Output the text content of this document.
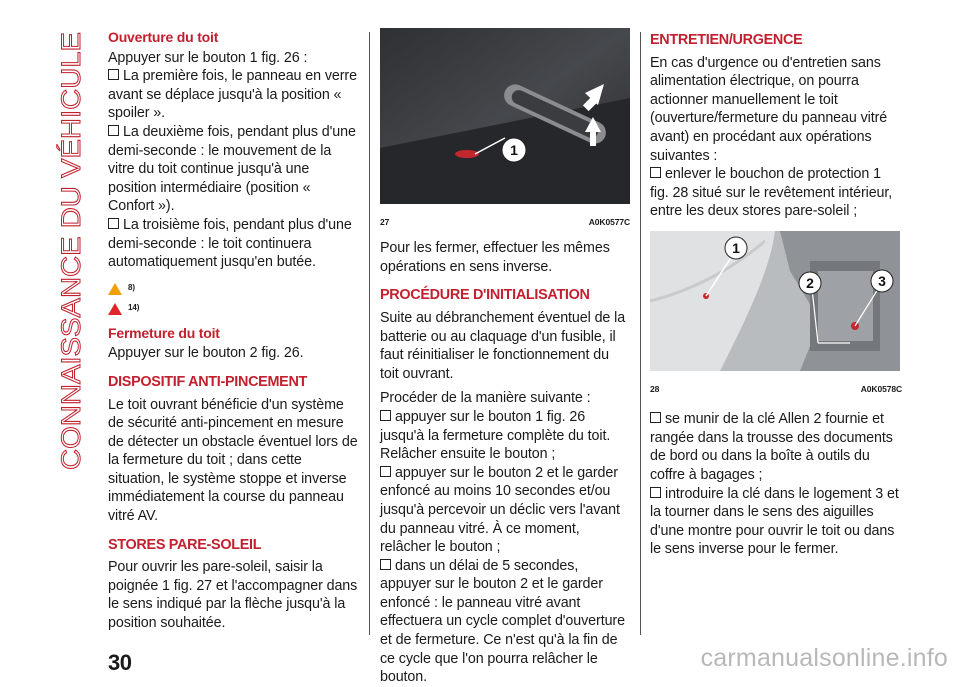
CONNAISSANCE DU VÉHICULE
Ouverture du toit

Appuyer sur le bouton 1 fig. 26 :

La première fois, le panneau en verre avant se déplace jusqu'à la position « spoiler ».

La deuxième fois, pendant plus d'une demi-seconde : le mouvement de la vitre du toit continue jusqu'à une position intermédiaire (position « Confort »).

La troisième fois, pendant plus d'une demi-seconde : le toit continuera automatiquement jusqu'en butée.

8)
14)
Fermeture du toit

Appuyer sur le bouton 2 fig. 26.

DISPOSITIF ANTI-PINCEMENT

Le toit ouvrant bénéficie d'un système de sécurité anti-pincement en mesure de détecter un obstacle éventuel lors de la fermeture du toit ; dans cette situation, le système stoppe et inverse immédiatement la course du panneau vitré AV.

STORES PARE-SOLEIL

Pour ouvrir les pare-soleil, saisir la poignée 1 fig. 27 et l'accompagner dans le sens indiqué par la flèche jusqu'à la position souhaitée.

1
27	A0K0577C

Pour les fermer, effectuer les mêmes opérations en sens inverse.

PROCÉDURE D'INITIALISATION

Suite au débranchement éventuel de la batterie ou au claquage d'un fusible, il faut réinitialiser le fonctionnement du toit ouvrant.

Procéder de la manière suivante :

appuyer sur le bouton 1 fig. 26 jusqu'à la fermeture complète du toit. Relâcher ensuite le bouton ;

appuyer sur le bouton 2 et le garder enfoncé au moins 10 secondes et/ou jusqu'à percevoir un déclic vers l'avant du panneau vitré. À ce moment, relâcher le bouton ;

dans un délai de 5 secondes, appuyer sur le bouton 2 et le garder enfoncé : le panneau vitré avant effectuera un cycle complet d'ouverture et de fermeture. Ce n'est qu'à la fin de ce cycle que l'on pourra relâcher le bouton.

ENTRETIEN/URGENCE

En cas d'urgence ou d'entretien sans alimentation électrique, on pourra actionner manuellement le toit (ouverture/fermeture du panneau vitré avant) en procédant aux opérations suivantes :

enlever le bouchon de protection 1 fig. 28 situé sur le revêtement intérieur, entre les deux stores pare-soleil ;

1
2	3
28	A0K0578C

se munir de la clé Allen 2 fournie et rangée dans la trousse des documents de bord ou dans la boîte à outils du coffre à bagages ;

introduire la clé dans le logement 3 et la tourner dans le sens des aiguilles d'une montre pour ouvrir le toit ou dans le sens inverse pour le fermer.

30	carmanualsonline.info
